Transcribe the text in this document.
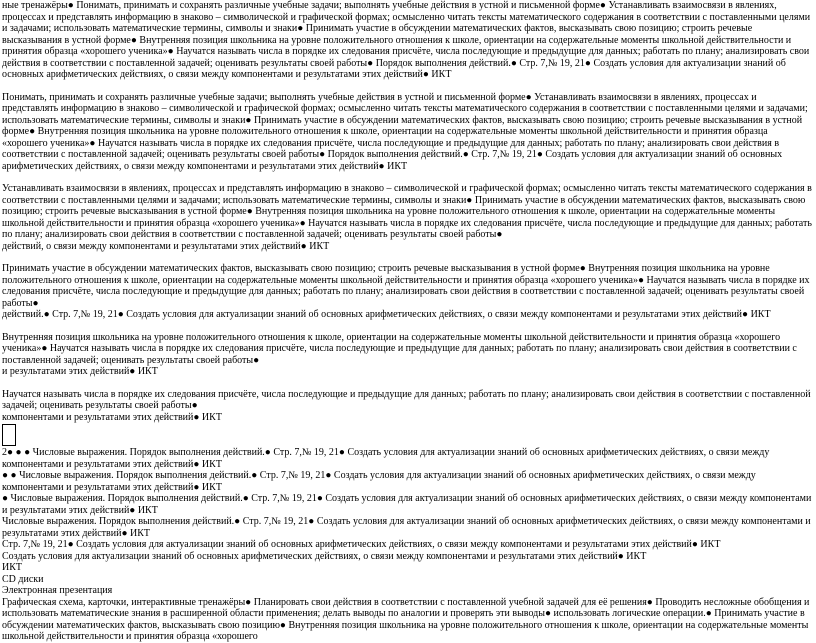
ные тренажёры● Понимать, принимать и сохранять различные учебные задачи; выполнять учебные действия в устной и письменной форме● Устанавливать взаимосвязи в явлениях, процессах и представлять информацию в знаково – символической и графической формах; осмысленно читать тексты математического содержания в соответствии с поставленными целями и задачами; использовать математические термины, символы и знаки● Принимать участие в обсуждении математических фактов, высказывать свою позицию; строить речевые высказывания в устной форме● Внутренняя позиция школьника на уровне положительного отношения к школе, ориентации на содержательные моменты школьной действительности и принятия образца «хорошего ученика»● Научатся называть числа в порядке их следования присчёте, числа последующие и предыдущие для данных; работать по плану; анализировать свои действия в соответствии с поставленной задачей; оценивать результаты своей работы● Порядок выполнения действий.● Стр. 7,№ 19, 21● Создать условия для актуализации знаний об основных арифметических действиях, о связи между компонентами и результатами этих действий● ИКТ

Понимать, принимать и сохранять различные учебные задачи; выполнять учебные действия в устной и письменной форме● Устанавливать взаимосвязи в явлениях, процессах и представлять информацию в знаково – символической и графической формах; осмысленно читать тексты математического содержания в соответствии с поставленными целями и задачами; использовать математические термины, символы и знаки● Принимать участие в обсуждении математических фактов, высказывать свою позицию; строить речевые высказывания в устной форме● Внутренняя позиция школьника на уровне положительного отношения к школе, ориентации на содержательные моменты школьной действительности и принятия образца «хорошего ученика»● Научатся называть числа в порядке их следования присчёте, числа последующие и предыдущие для данных; работать по плану; анализировать свои действия в соответствии с поставленной задачей; оценивать результаты своей работы● Порядок выполнения действий.● Стр. 7,№ 19, 21● Создать условия для актуализации знаний об основных арифметических действиях, о связи между компонентами и результатами этих действий● ИКТ

Устанавливать взаимосвязи в явлениях, процессах и представлять информацию в знаково – символической и графической формах; осмысленно читать тексты математического содержания в соответствии с поставленными целями и задачами; использовать математические термины, символы и знаки● Принимать участие в обсуждении математических фактов, высказывать свою позицию; строить речевые высказывания в устной форме● Внутренняя позиция школьника на уровне положительного отношения к школе, ориентации на содержательные моменты школьной действительности и принятия образца «хорошего ученика»● Научатся называть числа в порядке их следования присчёте, числа последующие и предыдущие для данных; работать по плану; анализировать свои действия в соответствии с поставленной задачей; оценивать результаты своей работы●
действий, о связи между компонентами и результатами этих действий● ИКТ

Принимать участие в обсуждении математических фактов, высказывать свою позицию; строить речевые высказывания в устной форме● Внутренняя позиция школьника на уровне положительного отношения к школе, ориентации на содержательные моменты школьной действительности и принятия образца «хорошего ученика»● Научатся называть числа в порядке их следования присчёте, числа последующие и предыдущие для данных; работать по плану; анализировать свои действия в соответствии с поставленной задачей; оценивать результаты своей работы●
действий.● Стр. 7,№ 19, 21● Создать условия для актуализации знаний об основных арифметических действиях, о связи между компонентами и результатами этих действий● ИКТ

Внутренняя позиция школьника на уровне положительного отношения к школе, ориентации на содержательные моменты школьной действительности и принятия образца «хорошего ученика»● Научатся называть числа в порядке их следования присчёте, числа последующие и предыдущие для данных; работать по плану; анализировать свои действия в соответствии с поставленной задачей; оценивать результаты своей работы●
и результатами этих действий● ИКТ

Научатся называть числа в порядке их следования присчёте, числа последующие и предыдущие для данных; работать по плану; анализировать свои действия в соответствии с поставленной задачей; оценивать результаты своей работы●
компонентами и результатами этих действий● ИКТ

2● ● ● Числовые выражения. Порядок выполнения действий.● Стр. 7,№ 19, 21● Создать условия для актуализации знаний об основных арифметических действиях, о связи между компонентами и результатами этих действий● ИКТ

● ● Числовые выражения. Порядок выполнения действий.● Стр. 7,№ 19, 21● Создать условия для актуализации знаний об основных арифметических действиях, о связи между компонентами и результатами этих действий● ИКТ

● Числовые выражения. Порядок выполнения действий.● Стр. 7,№ 19, 21● Создать условия для актуализации знаний об основных арифметических действиях, о связи между компонентами и результатами этих действий● ИКТ

Числовые выражения. Порядок выполнения действий.● Стр. 7,№ 19, 21● Создать условия для актуализации знаний об основных арифметических действиях, о связи между компонентами и результатами этих действий● ИКТ

Стр. 7,№ 19, 21● Создать условия для актуализации знаний об основных арифметических действиях, о связи между компонентами и результатами этих действий● ИКТ

Создать условия для актуализации знаний об основных арифметических действиях, о связи между компонентами и результатами этих действий● ИКТ

ИКТ

CD диски

Электронная презентация

Графическая схема, карточки, интерактивные тренажёры● Планировать свои действия в соответствии с поставленной учебной задачей для её решения● Проводить несложные обобщения и использовать математические знания в расширенной области применения; делать выводы по аналогии и проверять эти выводы● использовать логические операции.● Принимать участие в обсуждении математических фактов, высказывать свою позицию● Внутренняя позиция школьника на уровне положительного отношения к школе, ориентации на содержательные моменты школьной действительности и принятия образца «хорошего
